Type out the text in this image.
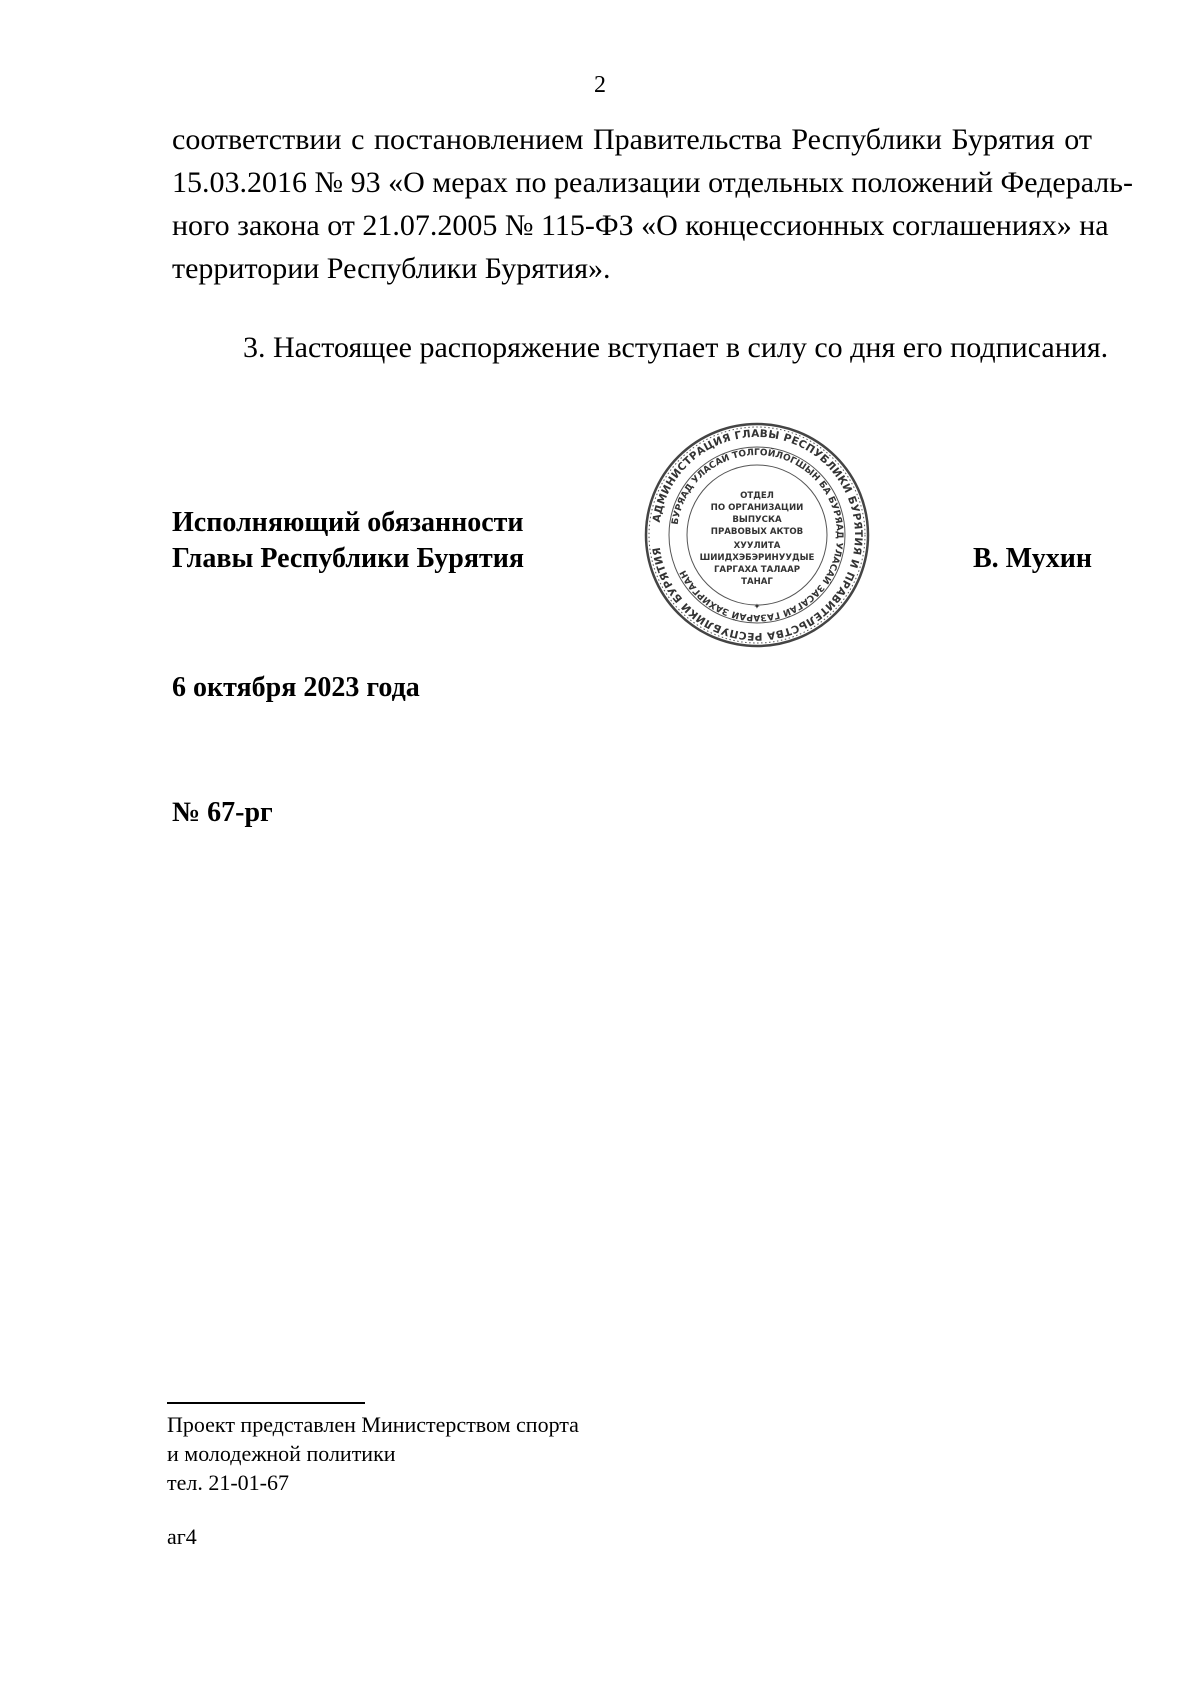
2
соответствии с постановлением Правительства Республики Бурятия от
15.03.2016 № 93 «О мерах по реализации отдельных положений Федераль-
ного закона от 21.07.2005 № 115-ФЗ «О концессионных соглашениях» на
территории Республики Бурятия».
3. Настоящее распоряжение вступает в силу со дня его подписания.
Исполняющий обязанности
Главы Республики Бурятия
АДМИНИСТРАЦИЯ ГЛАВЫ РЕСПУБЛИКИ БУРЯТИЯ И ПРАВИТЕЛЬСТВА РЕСПУБЛИКИ БУРЯТИЯ
БУРЯАД УЛАСАЙ ТОЛГОЙЛОГШЫН БА БУРЯАД УЛАСАЙ ЗАСАГАЙ ГАЗАРАЙ ЗАХИРГААН
ОТДЕЛ
ПО ОРГАНИЗАЦИИ
ВЫПУСКА
ПРАВОВЫХ АКТОВ
ХУУЛИТА
ШИИДХЭБЭРИНУУДЫЕ
ГАРГАХА ТАЛААР
ТАНАГ
✦
В. Мухин
6 октября 2023 года
№ 67-рг
Проект представлен Министерством спорта
и молодежной политики
тел. 21-01-67
аг4
